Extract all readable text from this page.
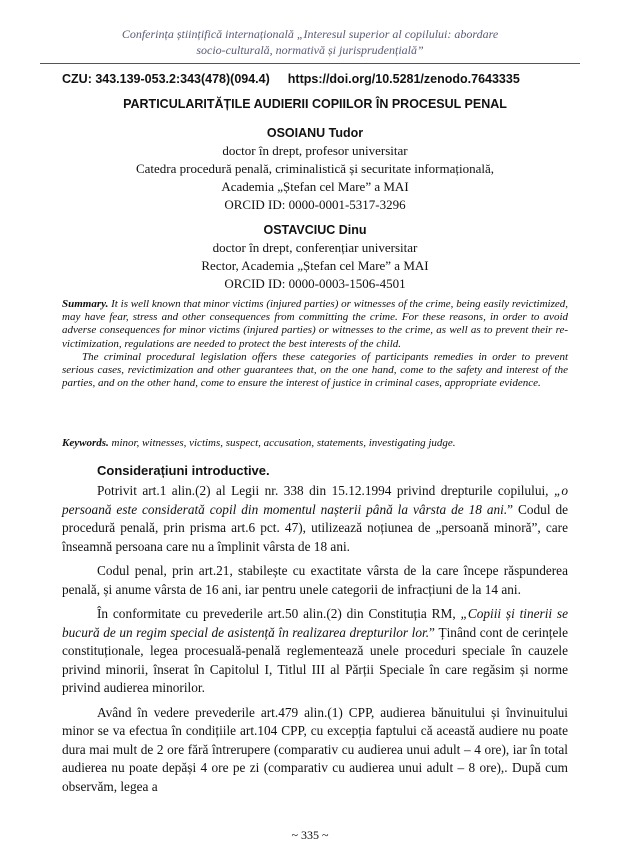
Conferința științifică internațională „Interesul superior al copilului: abordare
socio-culturală, normativă și jurisprudențială”
CZU: 343.139-053.2:343(478)(094.4) https://doi.org/10.5281/zenodo.7643335
PARTICULARITĂȚILE AUDIERII COPIILOR ÎN PROCESUL PENAL
OSOIANU Tudor
doctor în drept, profesor universitar
Catedra procedură penală, criminalistică și securitate informațională,
Academia „Ștefan cel Mare” a MAI
ORCID ID: 0000-0001-5317-3296
OSTAVCIUC Dinu
doctor în drept, conferențiar universitar
Rector, Academia „Ștefan cel Mare” a MAI
ORCID ID: 0000-0003-1506-4501

Summary. It is well known that minor victims (injured parties) or witnesses of the crime, being easily revictimized, may have fear, stress and other consequences from committing the crime. For these reasons, in order to avoid adverse consequences for minor victims (injured parties) or witnesses to the crime, as well as to prevent their re-victimization, regulations are needed to protect the best interests of the child.

The criminal procedural legislation offers these categories of participants remedies in order to prevent serious cases, revictimization and other guarantees that, on the one hand, come to the safety and interest of the parties, and on the other hand, come to ensure the interest of justice in criminal cases, appropriate evidence.

Keywords. minor, witnesses, victims, suspect, accusation, statements, investigating judge.
Considerațiuni introductive.

Potrivit art.1 alin.(2) al Legii nr. 338 din 15.12.1994 privind drepturile copilului, „o persoană este considerată copil din momentul nașterii până la vârsta de 18 ani.” Codul de procedură penală, prin prisma art.6 pct. 47), utilizează noțiunea de „persoană minoră”, care înseamnă persoana care nu a împlinit vârsta de 18 ani.

Codul penal, prin art.21, stabilește cu exactitate vârsta de la care începe răspunderea penală, și anume vârsta de 16 ani, iar pentru unele categorii de infracțiuni de la 14 ani.

În conformitate cu prevederile art.50 alin.(2) din Constituția RM, „Copiii și tinerii se bucură de un regim special de asistență în realizarea drepturilor lor.” Ținând cont de cerințele constituționale, legea procesuală-penală reglementează unele proceduri speciale în cauzele privind minorii, înserat în Capitolul I, Titlul III al Părții Speciale în care regăsim și norme privind audierea minorilor.

Având în vedere prevederile art.479 alin.(1) CPP, audierea bănuitului și învinuitului minor se va efectua în condițiile art.104 CPP, cu excepția faptului că această audiere nu poate dura mai mult de 2 ore fără întrerupere (comparativ cu audierea unui adult – 4 ore), iar în total audierea nu poate depăși 4 ore pe zi (comparativ cu audierea unui adult – 8 ore),. După cum observăm, legea a

~ 335 ~
